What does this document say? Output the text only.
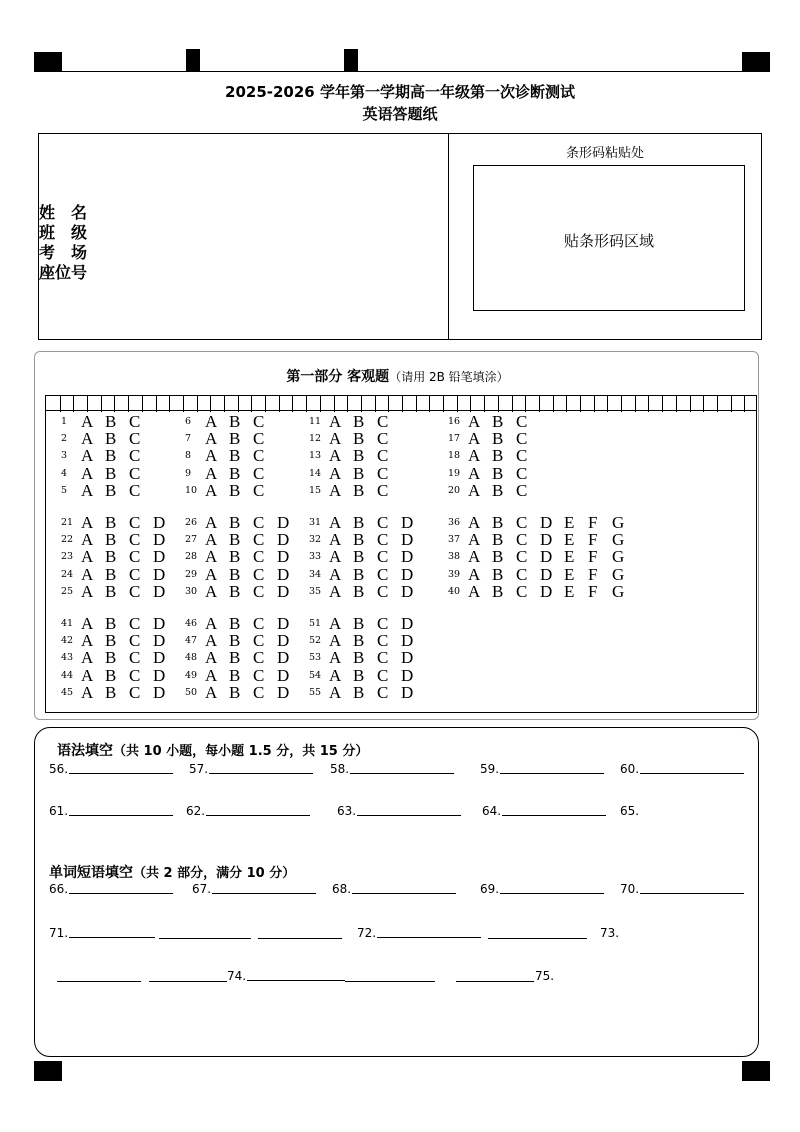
2025-2026 学年第一学期高一年级第一次诊断测试
英语答题纸
姓　名
班　级
考　场
座位号
条形码粘贴处
贴条形码区域
第一部分 客观题（请用 2B 铅笔填涂）
1 A B C
2 A B C
3 A B C
4 A B C
5 A B C
6 A B C
7 A B C
8 A B C
9 A B C
10 A B C
11 A B C
12 A B C
13 A B C
14 A B C
15 A B C
16 A B C
17 A B C
18 A B C
19 A B C
20 A B C
21 A B C D
22 A B C D
23 A B C D
24 A B C D
25 A B C D
26 A B C D
27 A B C D
28 A B C D
29 A B C D
30 A B C D
31 A B C D
32 A B C D
33 A B C D
34 A B C D
35 A B C D
36 A B C D E F G
37 A B C D E F G
38 A B C D E F G
39 A B C D E F G
40 A B C D E F G
41 A B C D
42 A B C D
43 A B C D
44 A B C D
45 A B C D
46 A B C D
47 A B C D
48 A B C D
49 A B C D
50 A B C D
51 A B C D
52 A B C D
53 A B C D
54 A B C D
55 A B C D
语法填空（共 10 小题，每小题 1.5 分，共 15 分）
56.	57.	58.	59.	60.
61.	62.	63.	64.	65.
单词短语填空（共 2 部分，满分 10 分）
66.	67.	68.	69.	70.
71.	72.	73.
74.	75.
